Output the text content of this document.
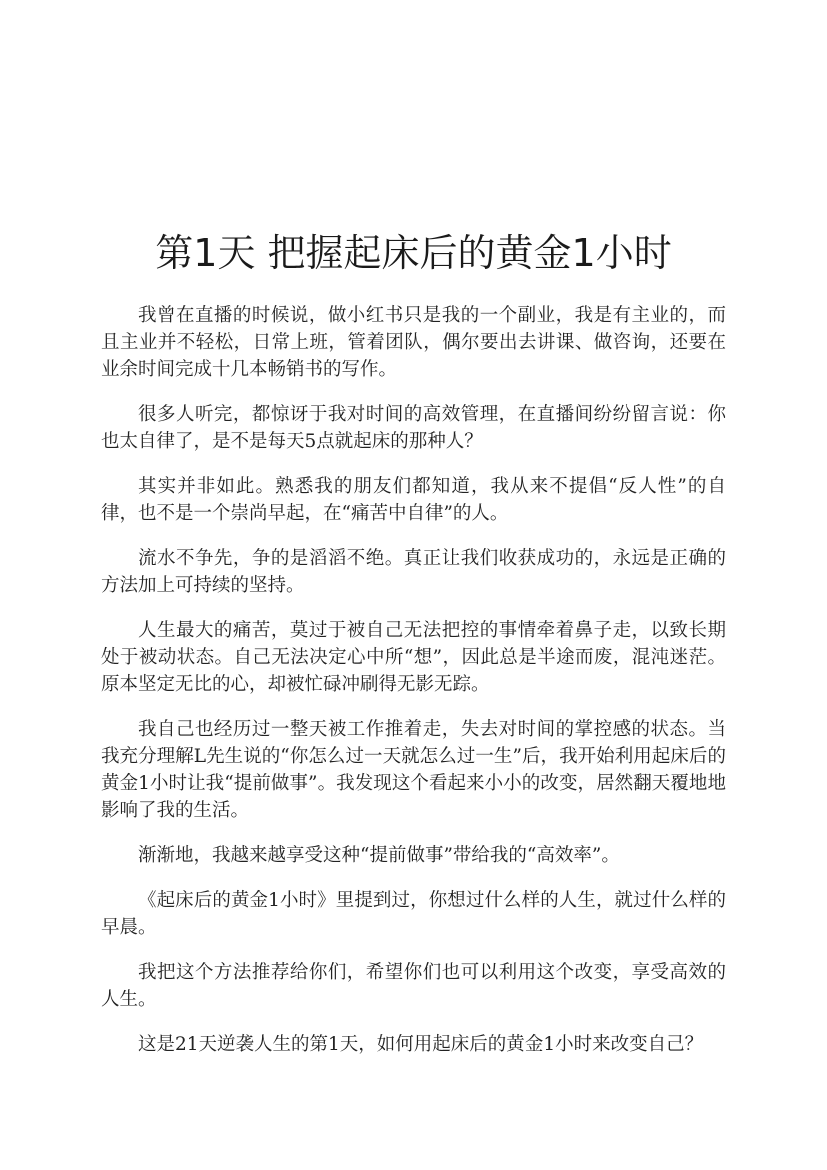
第1天 把握起床后的黄金1小时

我曾在直播的时候说，做小红书只是我的一个副业，我是有主业的，而且主业并不轻松，日常上班，管着团队，偶尔要出去讲课、做咨询，还要在业余时间完成十几本畅销书的写作。

很多人听完，都惊讶于我对时间的高效管理，在直播间纷纷留言说：你也太自律了，是不是每天5点就起床的那种人？

其实并非如此。熟悉我的朋友们都知道，我从来不提倡“反人性”的自律，也不是一个崇尚早起，在“痛苦中自律”的人。

流水不争先，争的是滔滔不绝。真正让我们收获成功的，永远是正确的方法加上可持续的坚持。

人生最大的痛苦，莫过于被自己无法把控的事情牵着鼻子走，以致长期处于被动状态。自己无法决定心中所“想”，因此总是半途而废，混沌迷茫。原本坚定无比的心，却被忙碌冲刷得无影无踪。

我自己也经历过一整天被工作推着走，失去对时间的掌控感的状态。当我充分理解L先生说的“你怎么过一天就怎么过一生”后，我开始利用起床后的黄金1小时让我“提前做事”。我发现这个看起来小小的改变，居然翻天覆地地影响了我的生活。

渐渐地，我越来越享受这种“提前做事”带给我的“高效率”。

《起床后的黄金1小时》里提到过，你想过什么样的人生，就过什么样的早晨。

我把这个方法推荐给你们，希望你们也可以利用这个改变，享受高效的人生。

这是21天逆袭人生的第1天，如何用起床后的黄金1小时来改变自己？
